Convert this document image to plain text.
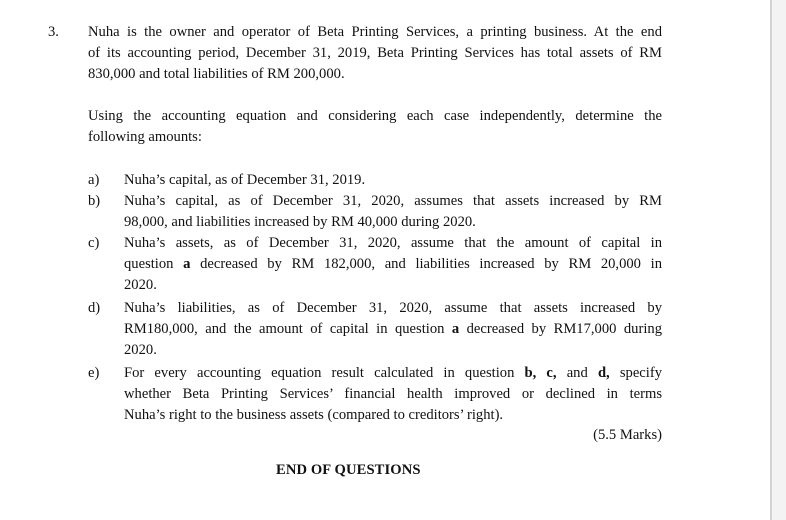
3. Nuha is the owner and operator of Beta Printing Services, a printing business. At the end
of its accounting period, December 31, 2019, Beta Printing Services has total assets of RM
830,000 and total liabilities of RM 200,000.

Using the accounting equation and considering each case independently, determine the
following amounts:

a) Nuha’s capital, as of December 31, 2019.
b) Nuha’s capital, as of December 31, 2020, assumes that assets increased by RM
98,000, and liabilities increased by RM 40,000 during 2020.
c) Nuha’s assets, as of December 31, 2020, assume that the amount of capital in
question a decreased by RM 182,000, and liabilities increased by RM 20,000 in
2020.
d) Nuha’s liabilities, as of December 31, 2020, assume that assets increased by
RM180,000, and the amount of capital in question a decreased by RM17,000 during
2020.
e) For every accounting equation result calculated in question b, c, and d, specify
whether Beta Printing Services’ financial health improved or declined in terms
Nuha’s right to the business assets (compared to creditors’ right).
(5.5 Marks)
END OF QUESTIONS
